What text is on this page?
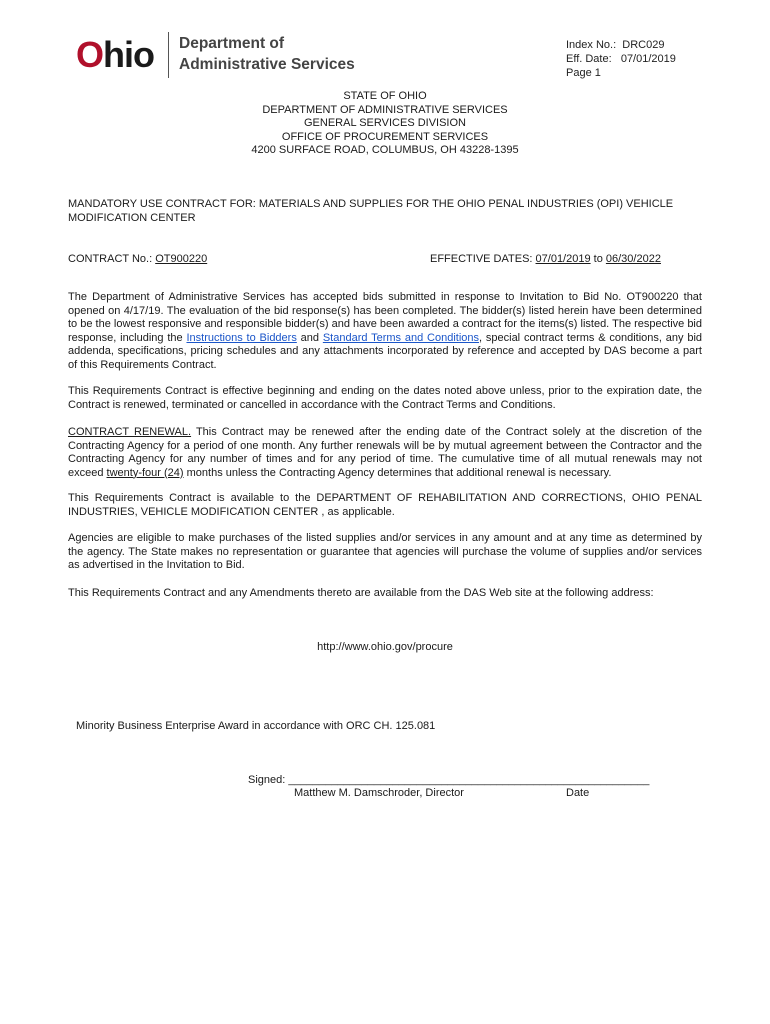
Ohio Department of
Administrative Services
Index No.:  DRC029
Eff. Date:   07/01/2019
Page 1
STATE OF OHIO
DEPARTMENT OF ADMINISTRATIVE SERVICES
GENERAL SERVICES DIVISION
OFFICE OF PROCUREMENT SERVICES
4200 SURFACE ROAD, COLUMBUS, OH 43228-1395
MANDATORY USE CONTRACT FOR: MATERIALS AND SUPPLIES FOR THE OHIO PENAL INDUSTRIES (OPI) VEHICLE
MODIFICATION CENTER
CONTRACT No.: OT900220	EFFECTIVE DATES: 07/01/2019 to 06/30/2022
The Department of Administrative Services has accepted bids submitted in response to Invitation to Bid No. OT900220 that opened on 4/17/19. The evaluation of the bid response(s) has been completed. The bidder(s) listed herein have been determined to be the lowest responsive and responsible bidder(s) and have been awarded a contract for the items(s) listed. The respective bid response, including the Instructions to Bidders and Standard Terms and Conditions, special contract terms & conditions, any bid addenda, specifications, pricing schedules and any attachments incorporated by reference and accepted by DAS become a part of this Requirements Contract.
This Requirements Contract is effective beginning and ending on the dates noted above unless, prior to the expiration date, the Contract is renewed, terminated or cancelled in accordance with the Contract Terms and Conditions.
CONTRACT RENEWAL. This Contract may be renewed after the ending date of the Contract solely at the discretion of the Contracting Agency for a period of one month. Any further renewals will be by mutual agreement between the Contractor and the Contracting Agency for any number of times and for any period of time. The cumulative time of all mutual renewals may not exceed twenty-four (24) months unless the Contracting Agency determines that additional renewal is necessary.
This Requirements Contract is available to the DEPARTMENT OF REHABILITATION AND CORRECTIONS, OHIO PENAL INDUSTRIES, VEHICLE MODIFICATION CENTER , as applicable.
Agencies are eligible to make purchases of the listed supplies and/or services in any amount and at any time as determined by the agency. The State makes no representation or guarantee that agencies will purchase the volume of supplies and/or services as advertised in the Invitation to Bid.
This Requirements Contract and any Amendments thereto are available from the DAS Web site at the following address:
http://www.ohio.gov/procure
Minority Business Enterprise Award in accordance with ORC CH. 125.081
Signed: ___________________________________________________________
Matthew M. Damschroder, Director	Date
